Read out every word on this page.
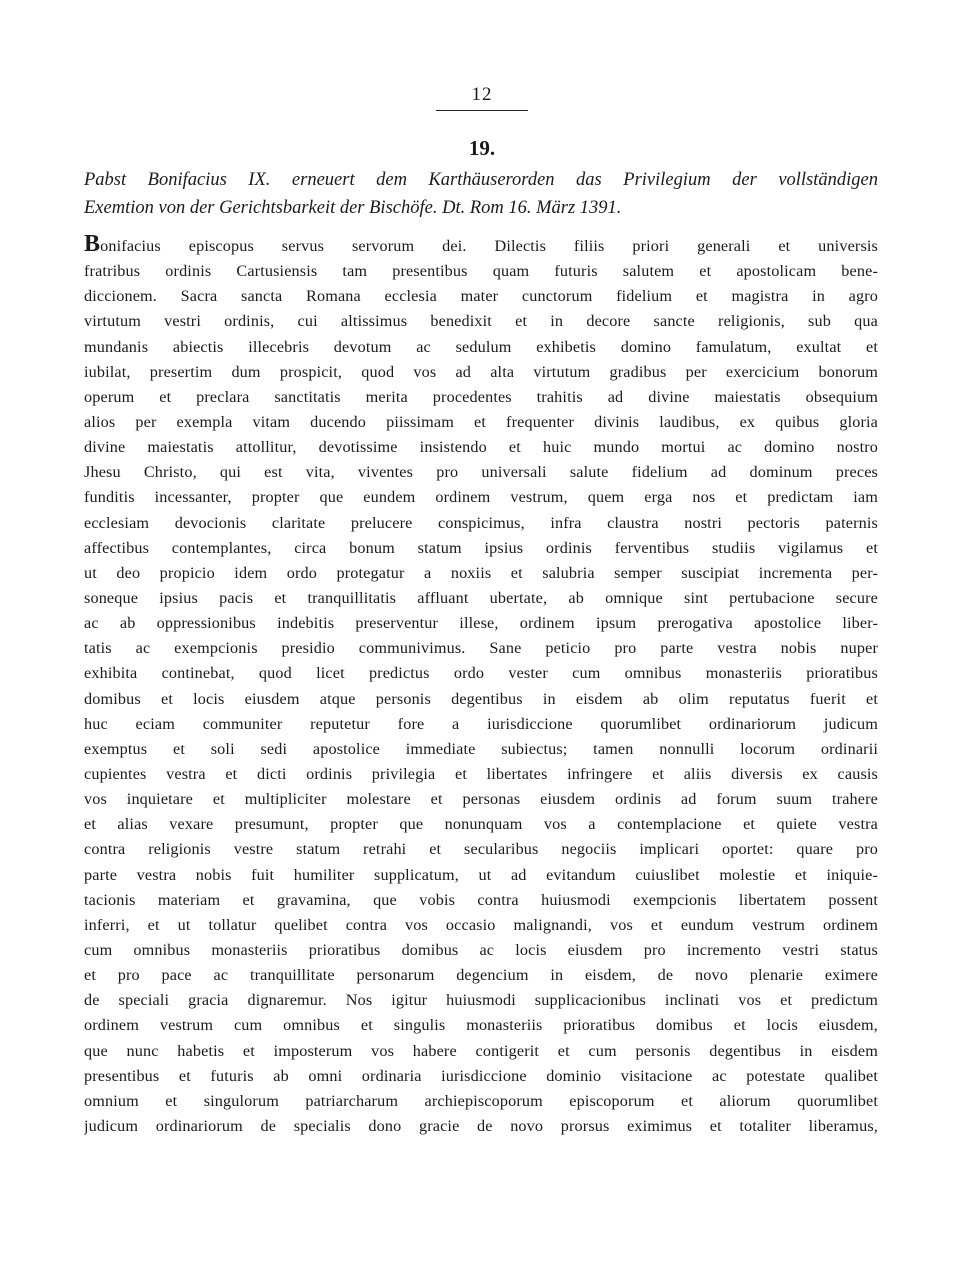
12
19.
Pabst Bonifacius IX. erneuert dem Karthäuserorden das Privilegium der vollständigen
Exemtion von der Gerichtsbarkeit der Bischöfe. Dt. Rom 16. März 1391.
Bonifacius episcopus servus servorum dei. Dilectis filiis priori generali et universis
fratribus ordinis Cartusiensis tam presentibus quam futuris salutem et apostolicam bene-
diccionem. Sacra sancta Romana ecclesia mater cunctorum fidelium et magistra in agro
virtutum vestri ordinis, cui altissimus benedixit et in decore sancte religionis, sub qua
mundanis abiectis illecebris devotum ac sedulum exhibetis domino famulatum, exultat et
iubilat, presertim dum prospicit, quod vos ad alta virtutum gradibus per exercicium bonorum
operum et preclara sanctitatis merita procedentes trahitis ad divine maiestatis obsequium
alios per exempla vitam ducendo piissimam et frequenter divinis laudibus, ex quibus gloria
divine maiestatis attollitur, devotissime insistendo et huic mundo mortui ac domino nostro
Jhesu Christo, qui est vita, viventes pro universali salute fidelium ad dominum preces
funditis incessanter, propter que eundem ordinem vestrum, quem erga nos et predictam iam
ecclesiam devocionis claritate prelucere conspicimus, infra claustra nostri pectoris paternis
affectibus contemplantes, circa bonum statum ipsius ordinis ferventibus studiis vigilamus et
ut deo propicio idem ordo protegatur a noxiis et salubria semper suscipiat incrementa per-
soneque ipsius pacis et tranquillitatis affluant ubertate, ab omnique sint pertubacione secure
ac ab oppressionibus indebitis preserventur illese, ordinem ipsum prerogativa apostolice liber-
tatis ac exempcionis presidio communivimus. Sane peticio pro parte vestra nobis nuper
exhibita continebat, quod licet predictus ordo vester cum omnibus monasteriis prioratibus
domibus et locis eiusdem atque personis degentibus in eisdem ab olim reputatus fuerit et
huc eciam communiter reputetur fore a iurisdiccione quorumlibet ordinariorum judicum
exemptus et soli sedi apostolice immediate subiectus; tamen nonnulli locorum ordinarii
cupientes vestra et dicti ordinis privilegia et libertates infringere et aliis diversis ex causis
vos inquietare et multipliciter molestare et personas eiusdem ordinis ad forum suum trahere
et alias vexare presumunt, propter que nonunquam vos a contemplacione et quiete vestra
contra religionis vestre statum retrahi et secularibus negociis implicari oportet: quare pro
parte vestra nobis fuit humiliter supplicatum, ut ad evitandum cuiuslibet molestie et iniquie-
tacionis materiam et gravamina, que vobis contra huiusmodi exempcionis libertatem possent
inferri, et ut tollatur quelibet contra vos occasio malignandi, vos et eundum vestrum ordinem
cum omnibus monasteriis prioratibus domibus ac locis eiusdem pro incremento vestri status
et pro pace ac tranquillitate personarum degencium in eisdem, de novo plenarie eximere
de speciali gracia dignaremur. Nos igitur huiusmodi supplicacionibus inclinati vos et predictum
ordinem vestrum cum omnibus et singulis monasteriis prioratibus domibus et locis eiusdem,
que nunc habetis et imposterum vos habere contigerit et cum personis degentibus in eisdem
presentibus et futuris ab omni ordinaria iurisdiccione dominio visitacione ac potestate qualibet
omnium et singulorum patriarcharum archiepiscoporum episcoporum et aliorum quorumlibet
judicum ordinariorum de specialis dono gracie de novo prorsus eximimus et totaliter liberamus,
